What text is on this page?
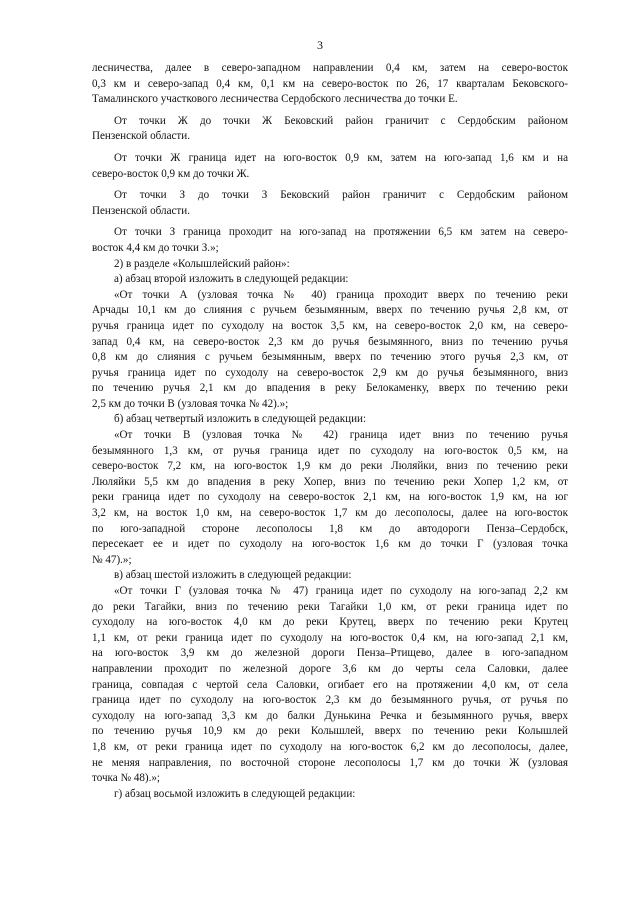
3
лесничества, далее в северо-западном направлении 0,4 км, затем на северо-восток
0,3 км и северо-запад 0,4 км, 0,1 км на северо-восток по 26, 17 кварталам Бековского-
Тамалинского участкового лесничества Сердобского лесничества до точки Е.
От точки Ж до точки Ж Бековский район граничит с Сердобским районом
Пензенской области.
От точки Ж граница идет на юго-восток 0,9 км, затем на юго-запад 1,6 км и на
северо-восток 0,9 км до точки Ж.
От точки З до точки З Бековский район граничит с Сердобским районом
Пензенской области.
От точки З граница проходит на юго-запад на протяжении 6,5 км затем на северо-
восток 4,4 км до точки З.»;
2) в разделе «Колышлейский район»:
а) абзац второй изложить в следующей редакции:
«От точки А (узловая точка № 40) граница проходит вверх по течению реки
Арчады 10,1 км до слияния с ручьем безымянным, вверх по течению ручья 2,8 км, от
ручья граница идет по суходолу на восток 3,5 км, на северо-восток 2,0 км, на северо-
запад 0,4 км, на северо-восток 2,3 км до ручья безымянного, вниз по течению ручья
0,8 км до слияния с ручьем безымянным, вверх по течению этого ручья 2,3 км, от
ручья граница идет по суходолу на северо-восток 2,9 км до ручья безымянного, вниз
по течению ручья 2,1 км до впадения в реку Белокаменку, вверх по течению реки
2,5 км до точки В (узловая точка № 42).»;
б) абзац четвертый изложить в следующей редакции:
«От точки В (узловая точка № 42) граница идет вниз по течению ручья
безымянного 1,3 км, от ручья граница идет по суходолу на юго-восток 0,5 км, на
северо-восток 7,2 км, на юго-восток 1,9 км до реки Люляйки, вниз по течению реки
Люляйки 5,5 км до впадения в реку Хопер, вниз по течению реки Хопер 1,2 км, от
реки граница идет по суходолу на северо-восток 2,1 км, на юго-восток 1,9 км, на юг
3,2 км, на восток 1,0 км, на северо-восток 1,7 км до лесополосы, далее на юго-восток
по юго-западной стороне лесополосы 1,8 км до автодороги Пенза–Сердобск,
пересекает ее и идет по суходолу на юго-восток 1,6 км до точки Г (узловая точка
№ 47).»;
в) абзац шестой изложить в следующей редакции:
«От точки Г (узловая точка № 47) граница идет по суходолу на юго-запад 2,2 км
до реки Тагайки, вниз по течению реки Тагайки 1,0 км, от реки граница идет по
суходолу на юго-восток 4,0 км до реки Крутец, вверх по течению реки Крутец
1,1 км, от реки граница идет по суходолу на юго-восток 0,4 км, на юго-запад 2,1 км,
на юго-восток 3,9 км до железной дороги Пенза–Ртищево, далее в юго-западном
направлении проходит по железной дороге 3,6 км до черты села Саловки, далее
граница, совпадая с чертой села Саловки, огибает его на протяжении 4,0 км, от села
граница идет по суходолу на юго-восток 2,3 км до безымянного ручья, от ручья по
суходолу на юго-запад 3,3 км до балки Дунькина Речка и безымянного ручья, вверх
по течению ручья 10,9 км до реки Колышлей, вверх по течению реки Колышлей
1,8 км, от реки граница идет по суходолу на юго-восток 6,2 км до лесополосы, далее,
не меняя направления, по восточной стороне лесополосы 1,7 км до точки Ж (узловая
точка № 48).»;
г) абзац восьмой изложить в следующей редакции:
